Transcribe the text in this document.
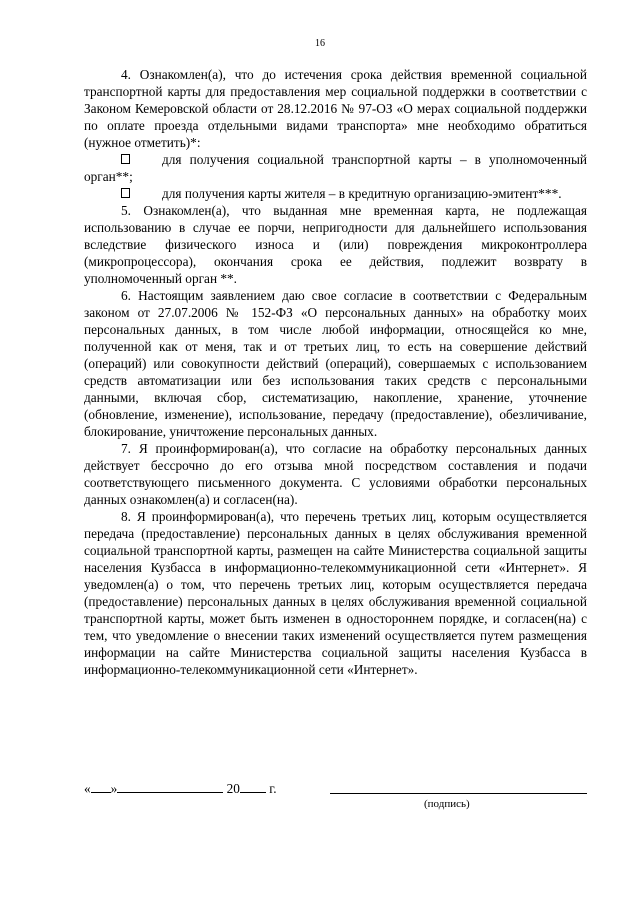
16

4. Ознакомлен(а), что до истечения срока действия временной социальной транспортной карты для предоставления мер социальной поддержки в соответствии с Законом Кемеровской области от 28.12.2016 № 97-ОЗ «О мерах социальной поддержки по оплате проезда отдельными видами транспорта» мне необходимо обратиться (нужное отметить)*:

для получения социальной транспортной карты – в уполномоченный орган**;

для получения карты жителя – в кредитную организацию-эмитент***.

5. Ознакомлен(а), что выданная мне временная карта, не подлежащая использованию в случае ее порчи, непригодности для дальнейшего использования вследствие физического износа и (или) повреждения микроконтроллера (микропроцессора), окончания срока ее действия, подлежит возврату в уполномоченный орган **.

6. Настоящим заявлением даю свое согласие в соответствии с Федеральным законом от 27.07.2006 № 152-ФЗ «О персональных данных» на обработку моих персональных данных, в том числе любой информации, относящейся ко мне, полученной как от меня, так и от третьих лиц, то есть на совершение действий (операций) или совокупности действий (операций), совершаемых с использованием средств автоматизации или без использования таких средств с персональными данными, включая сбор, систематизацию, накопление, хранение, уточнение (обновление, изменение), использование, передачу (предоставление), обезличивание, блокирование, уничтожение персональных данных.

7. Я проинформирован(а), что согласие на обработку персональных данных действует бессрочно до его отзыва мной посредством составления и подачи соответствующего письменного документа. С условиями обработки персональных данных ознакомлен(а) и согласен(на).

8. Я проинформирован(а), что перечень третьих лиц, которым осуществляется передача (предоставление) персональных данных в целях обслуживания временной социальной транспортной карты, размещен на сайте Министерства социальной защиты населения Кузбасса в информационно-телекоммуникационной сети «Интернет». Я уведомлен(а) о том, что перечень третьих лиц, которым осуществляется передача (предоставление) персональных данных в целях обслуживания временной социальной транспортной карты, может быть изменен в одностороннем порядке, и согласен(на) с тем, что уведомление о внесении таких изменений осуществляется путем размещения информации на сайте Министерства социальной защиты населения Кузбасса в информационно-телекоммуникационной сети «Интернет».

« »	20 г.
(подпись)
